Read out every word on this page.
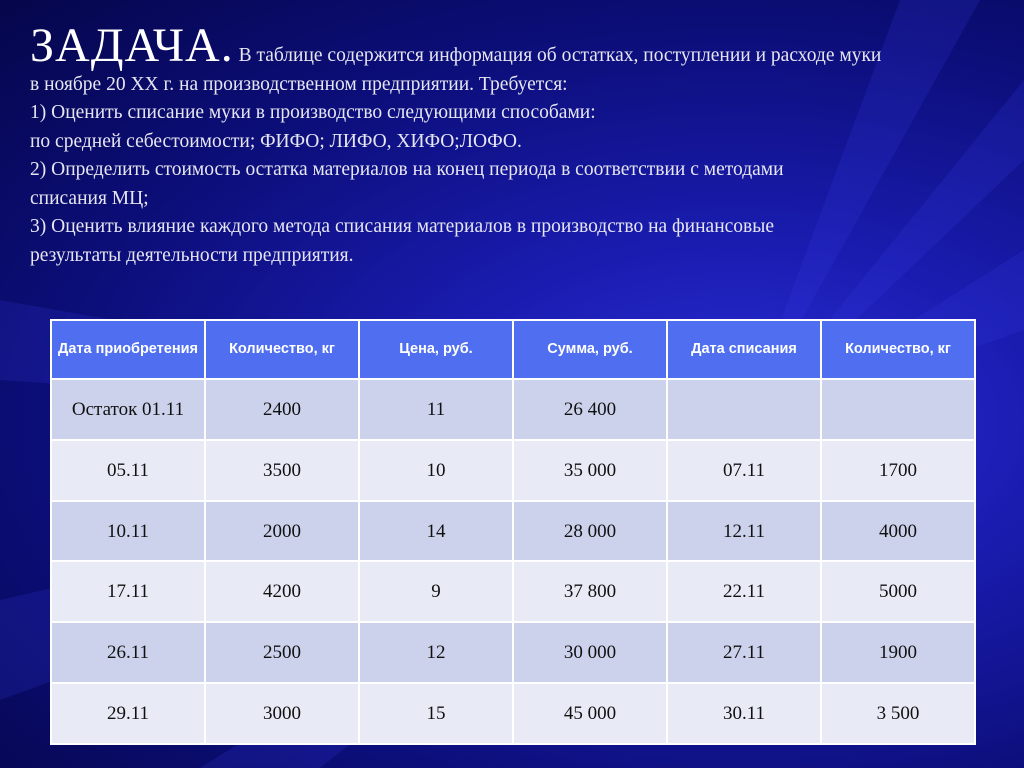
ЗАДАЧА. В таблице содержится информация об остатках, поступлении и расходе муки
в ноябре 20 ХХ г. на производственном предприятии. Требуется:
1) Оценить списание муки в производство следующими способами:
по средней себестоимости; ФИФО; ЛИФО, ХИФО;ЛОФО.
2) Определить стоимость остатка материалов на конец периода в соответствии с методами
списания МЦ;
3) Оценить влияние каждого метода списания материалов в производство на финансовые
результаты деятельности предприятия.
Дата приобретения	Количество, кг	Цена, руб.	Сумма, руб.	Дата списания	Количество, кг
Остаток 01.11	2400	11	26 400		
05.11	3500	10	35 000	07.11	1700
10.11	2000	14	28 000	12.11	4000
17.11	4200	9	37 800	22.11	5000
26.11	2500	12	30 000	27.11	1900
29.11	3000	15	45 000	30.11	3 500
